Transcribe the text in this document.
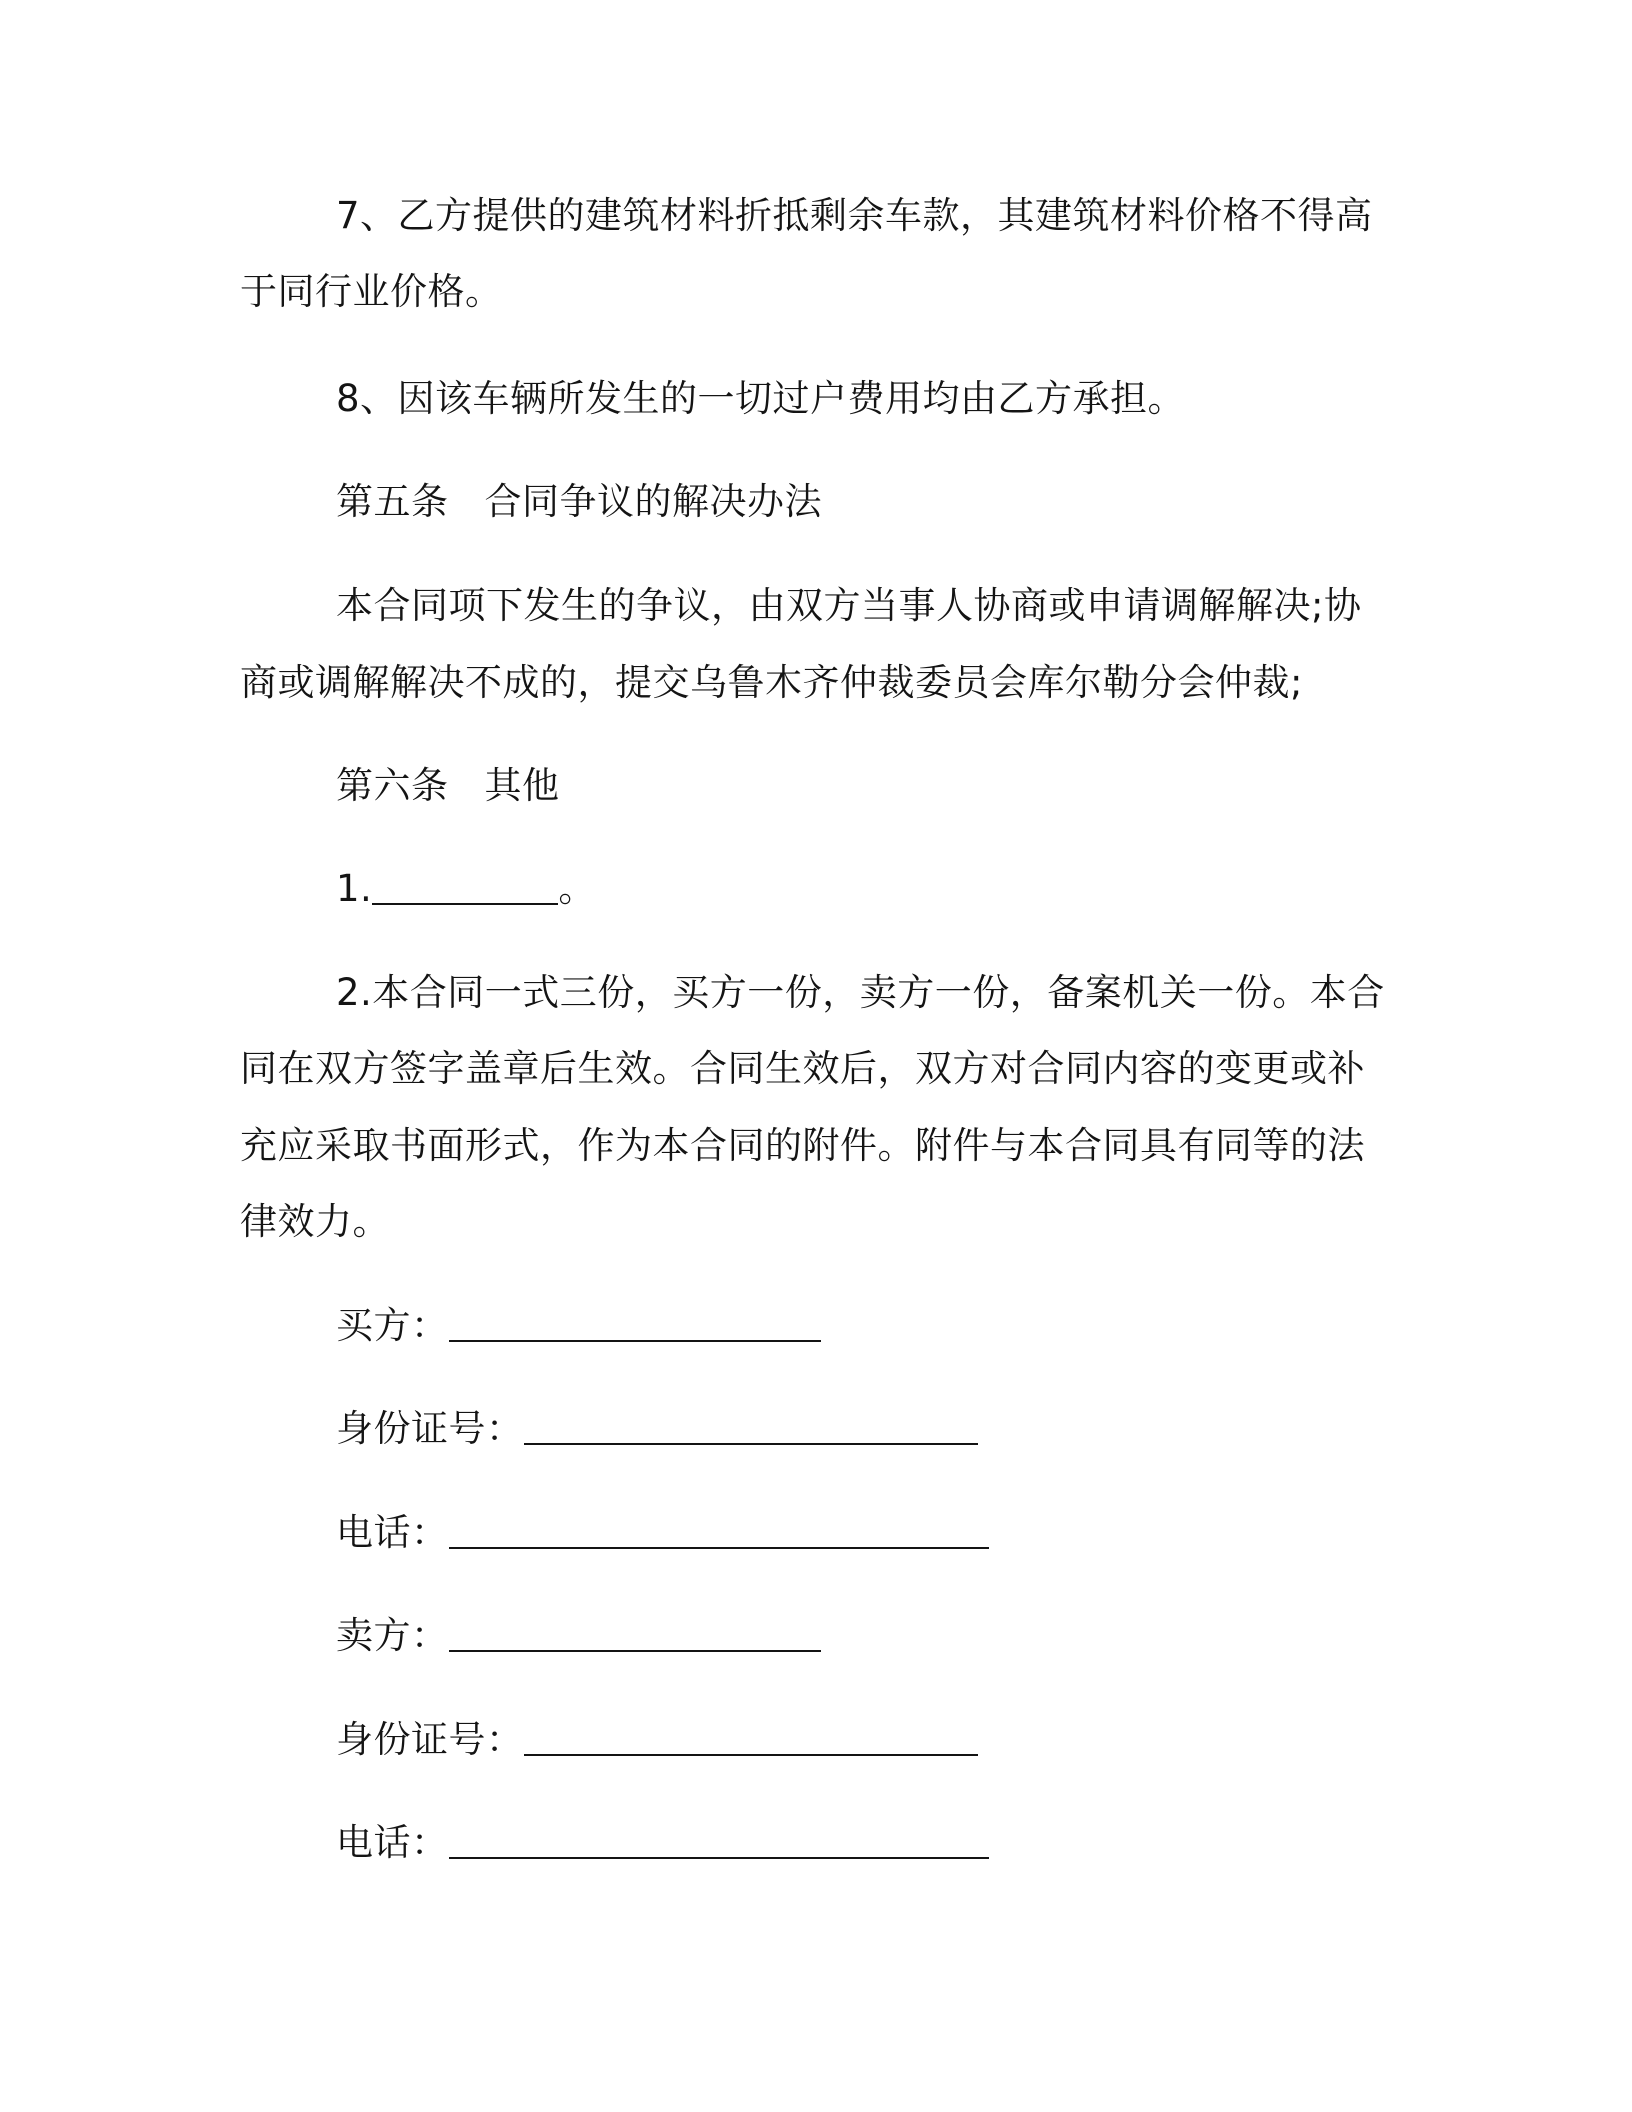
7、乙方提供的建筑材料折抵剩余车款，其建筑材料价格不得高
于同行业价格。
8、因该车辆所发生的一切过户费用均由乙方承担。
第五条 合同争议的解决办法
本合同项下发生的争议，由双方当事人协商或申请调解解决;协
商或调解解决不成的，提交乌鲁木齐仲裁委员会库尔勒分会仲裁;
第六条 其他
1.	。
2.本合同一式三份，买方一份，卖方一份，备案机关一份。本合
同在双方签字盖章后生效。合同生效后，双方对合同内容的变更或补
充应采取书面形式，作为本合同的附件。附件与本合同具有同等的法
律效力。
买方：
身份证号：
电话：
卖方：
身份证号：
电话：
